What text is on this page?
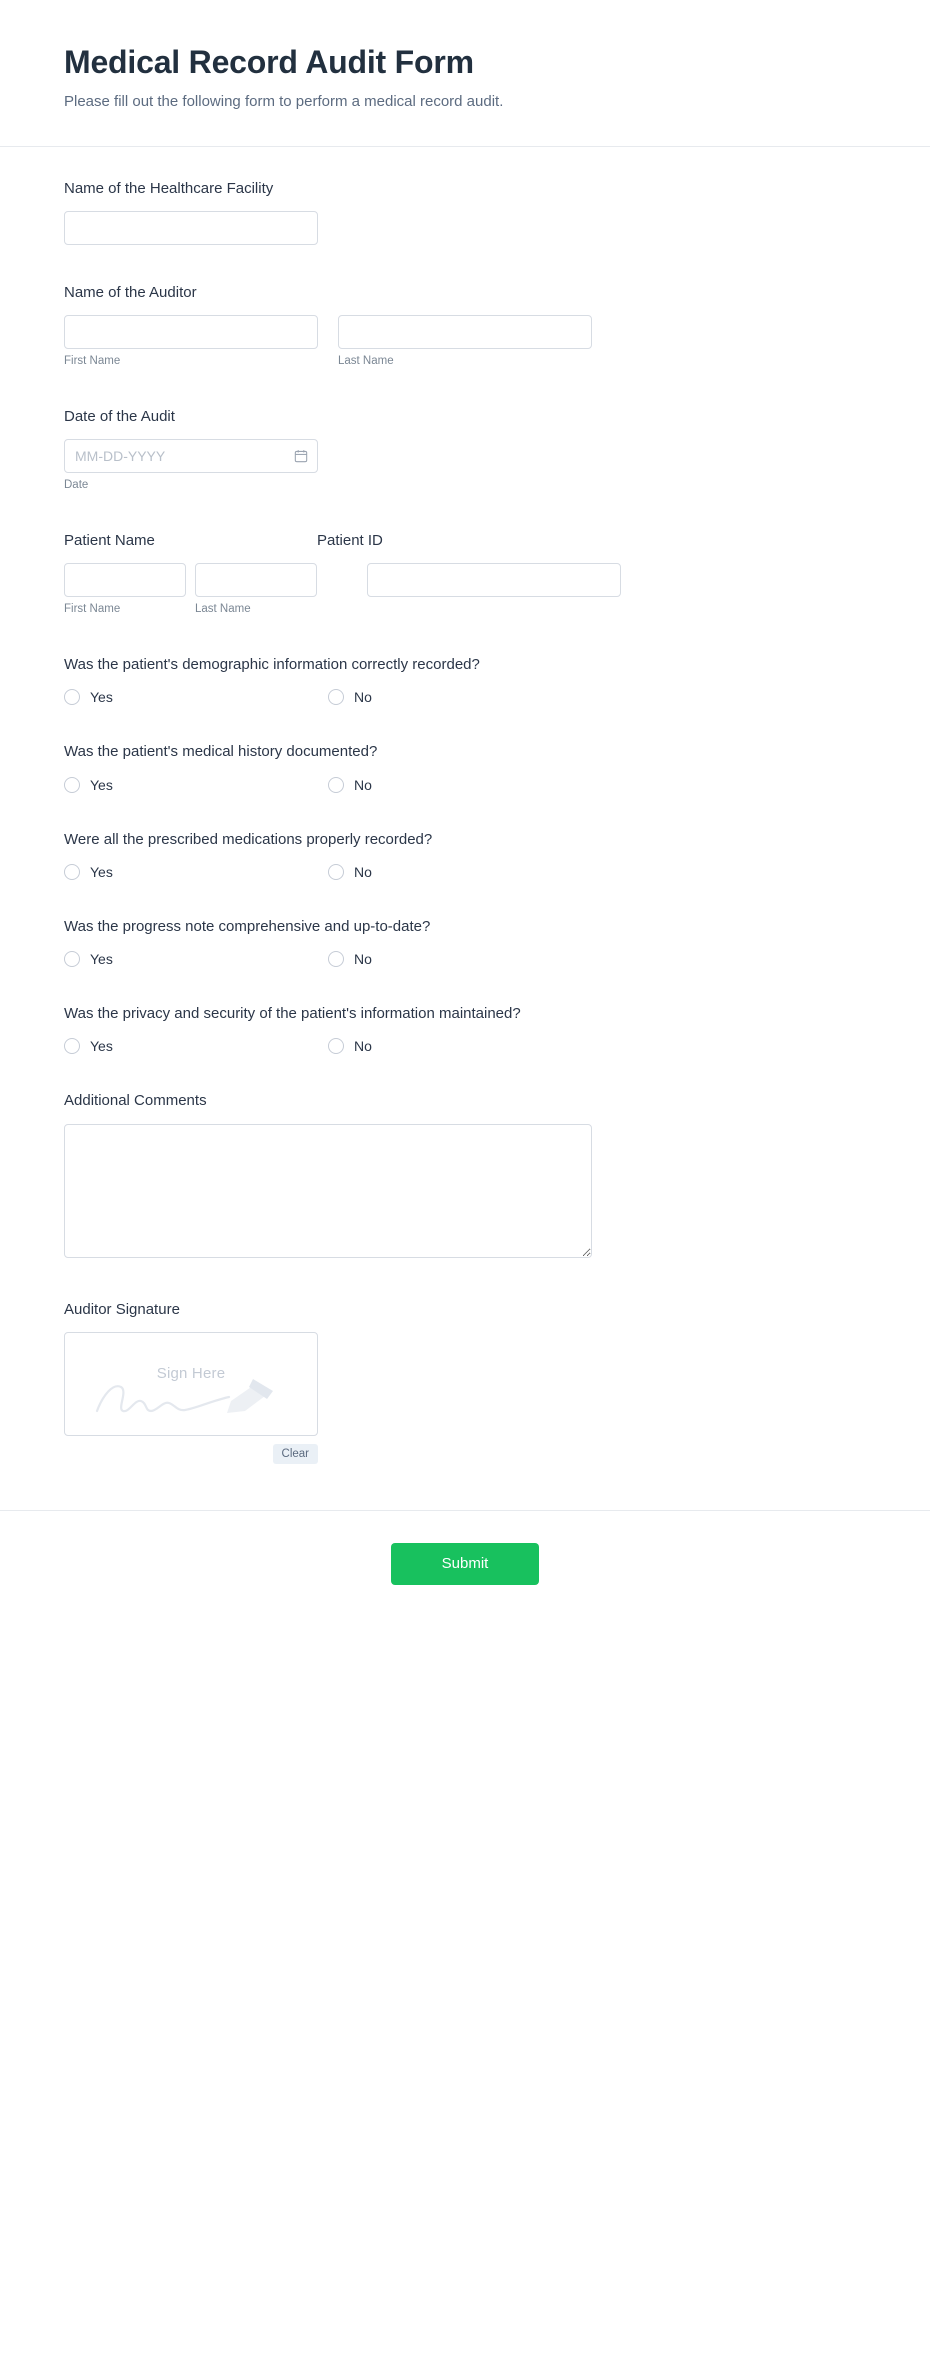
Medical Record Audit Form

Please fill out the following form to perform a medical record audit.

Name of the Healthcare Facility
Name of the Auditor
First Name	Last Name
Date of the Audit
MM-DD-YYYY
Date
Patient Name	Patient ID
First Name	Last Name
Was the patient's demographic information correctly recorded?
Yes	No
Was the patient's medical history documented?
Yes	No
Were all the prescribed medications properly recorded?
Yes	No
Was the progress note comprehensive and up-to-date?
Yes	No
Was the privacy and security of the patient's information maintained?
Yes	No
Additional Comments
Auditor Signature
Sign Here
Clear
Submit
